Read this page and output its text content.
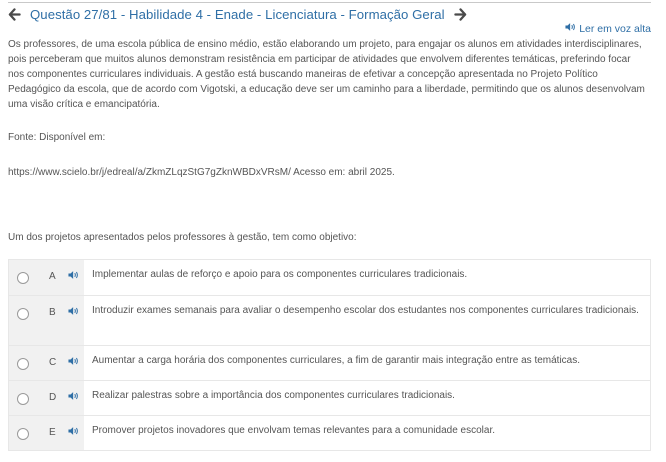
Questão 27/81 - Habilidade 4 - Enade - Licenciatura - Formação Geral
Ler em voz alta

Os professores, de uma escola pública de ensino médio, estão elaborando um projeto, para engajar os alunos em atividades interdisciplinares, pois perceberam que muitos alunos demonstram resistência em participar de atividades que envolvem diferentes temáticas, preferindo focar nos componentes curriculares individuais. A gestão está buscando maneiras de efetivar a concepção apresentada no Projeto Político Pedagógico da escola, que de acordo com Vigotski, a educação deve ser um caminho para a liberdade, permitindo que os alunos desenvolvam uma visão crítica e emancipatória.

Fonte: Disponível em:

https://www.scielo.br/j/edreal/a/ZkmZLqzStG7gZknWBDxVRsM/ Acesso em: abril 2025.

Um dos projetos apresentados pelos professores à gestão, tem como objetivo:

A	Implementar aulas de reforço e apoio para os componentes curriculares tradicionais.
B	Introduzir exames semanais para avaliar o desempenho escolar dos estudantes nos componentes curriculares tradicionais.
C	Aumentar a carga horária dos componentes curriculares, a fim de garantir mais integração entre as temáticas.
D	Realizar palestras sobre a importância dos componentes curriculares tradicionais.
E	Promover projetos inovadores que envolvam temas relevantes para a comunidade escolar.
